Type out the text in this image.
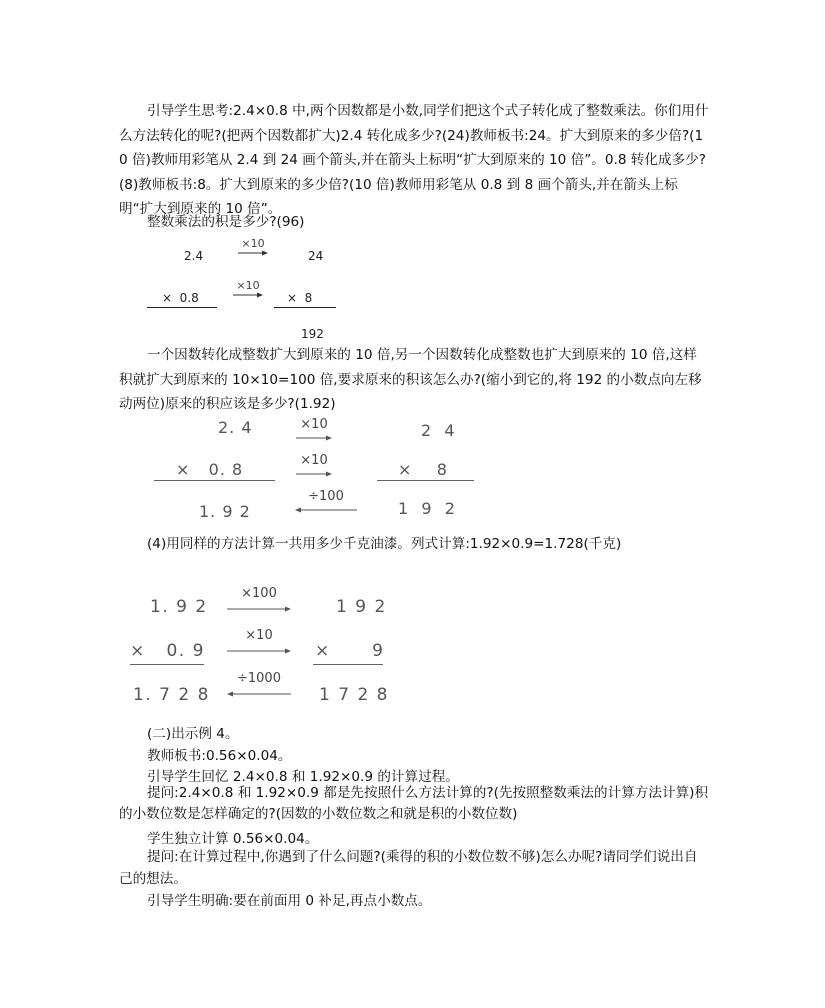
引导学生思考:2.4×0.8 中,两个因数都是小数,同学们把这个式子转化成了整数乘法。你们用什么方法转化的呢?(把两个因数都扩大)2.4 转化成多少?(24)教师板书:24。扩大到原来的多少倍?(10 倍)教师用彩笔从 2.4 到 24 画个箭头,并在箭头上标明“扩大到原来的 10 倍”。0.8 转化成多少?(8)教师板书:8。扩大到原来的多少倍?(10 倍)教师用彩笔从 0.8 到 8 画个箭头,并在箭头上标明“扩大到原来的 10 倍”。

整数乘法的积是多少?(96)

2.4	24
×10
×10
×  0.8	×  8
192

一个因数转化成整数扩大到原来的 10 倍,另一个因数转化成整数也扩大到原来的 10 倍,这样积就扩大到原来的 10×10=100 倍,要求原来的积该怎么办?(缩小到它的,将 192 的小数点向左移动两位)原来的积应该是多少?(1.92)

2. 4	2  4
×10
×   0. 8	×    8
×10
÷100
1. 9 2	1  9  2

(4)用同样的方法计算一共用多少千克油漆。列式计算:1.92×0.9=1.728(千克)

1. 9 2	1 9 2
×100
×   0. 9	×      9
×10
÷1000
1. 7 2 8	1 7 2 8

(二)出示例 4。

教师板书:0.56×0.04。

引导学生回忆 2.4×0.8 和 1.92×0.9 的计算过程。

提问:2.4×0.8 和 1.92×0.9 都是先按照什么方法计算的?(先按照整数乘法的计算方法计算)积的小数位数是怎样确定的?(因数的小数位数之和就是积的小数位数)

学生独立计算 0.56×0.04。

提问:在计算过程中,你遇到了什么问题?(乘得的积的小数位数不够)怎么办呢?请同学们说出自己的想法。

引导学生明确:要在前面用 0 补足,再点小数点。
